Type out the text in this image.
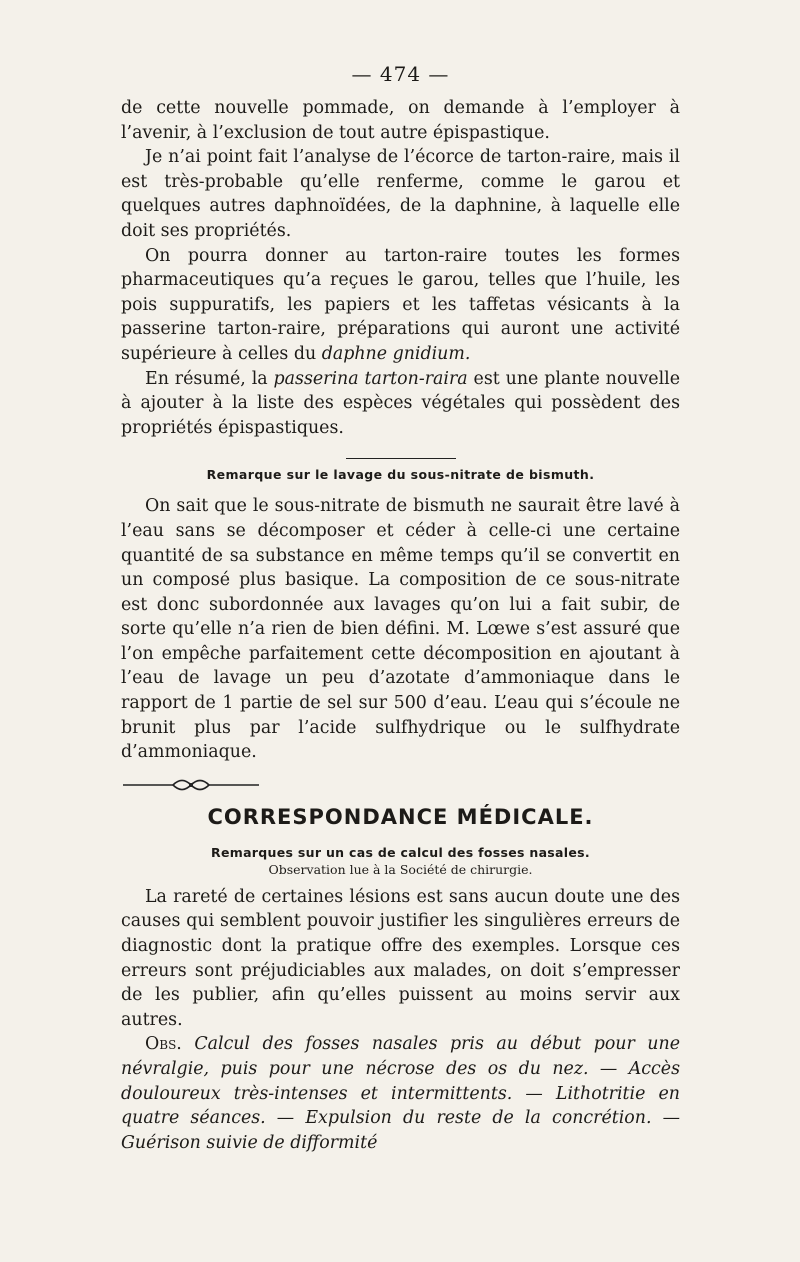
— 474 —

de cette nouvelle pommade, on demande à l’employer à l’avenir, à l’exclusion de tout autre épispastique.

Je n’ai point fait l’analyse de l’écorce de tarton-raire, mais il est très-probable qu’elle renferme, comme le garou et quelques autres daphnoïdées, de la daphnine, à laquelle elle doit ses propriétés.

On pourra donner au tarton-raire toutes les formes pharmaceutiques qu’a reçues le garou, telles que l’huile, les pois suppuratifs, les papiers et les taffetas vésicants à la passerine tarton-raire, préparations qui auront une activité supérieure à celles du daphne gnidium.

En résumé, la passerina tarton-raira est une plante nouvelle à ajouter à la liste des espèces végétales qui possèdent des propriétés épispastiques.

Remarque sur le lavage du sous-nitrate de bismuth.

On sait que le sous-nitrate de bismuth ne saurait être lavé à l’eau sans se décomposer et céder à celle-ci une certaine quantité de sa substance en même temps qu’il se convertit en un composé plus basique. La composition de ce sous-nitrate est donc subordonnée aux lavages qu’on lui a fait subir, de sorte qu’elle n’a rien de bien défini. M. Lœwe s’est assuré que l’on empêche parfaitement cette décomposition en ajoutant à l’eau de lavage un peu d’azotate d’ammoniaque dans le rapport de 1 partie de sel sur 500 d’eau. L’eau qui s’écoule ne brunit plus par l’acide sulfhydrique ou le sulfhydrate d’ammoniaque.

CORRESPONDANCE MÉDICALE.
Remarques sur un cas de calcul des fosses nasales.
Observation lue à la Société de chirurgie.

La rareté de certaines lésions est sans aucun doute une des causes qui semblent pouvoir justifier les singulières erreurs de diagnostic dont la pratique offre des exemples. Lorsque ces erreurs sont préjudiciables aux malades, on doit s’empresser de les publier, afin qu’elles puissent au moins servir aux autres.

Obs. Calcul des fosses nasales pris au début pour une névralgie, puis pour une nécrose des os du nez. — Accès douloureux très-intenses et intermittents. — Lithotritie en quatre séances. — Expulsion du reste de la concrétion. — Guérison suivie de difformité
